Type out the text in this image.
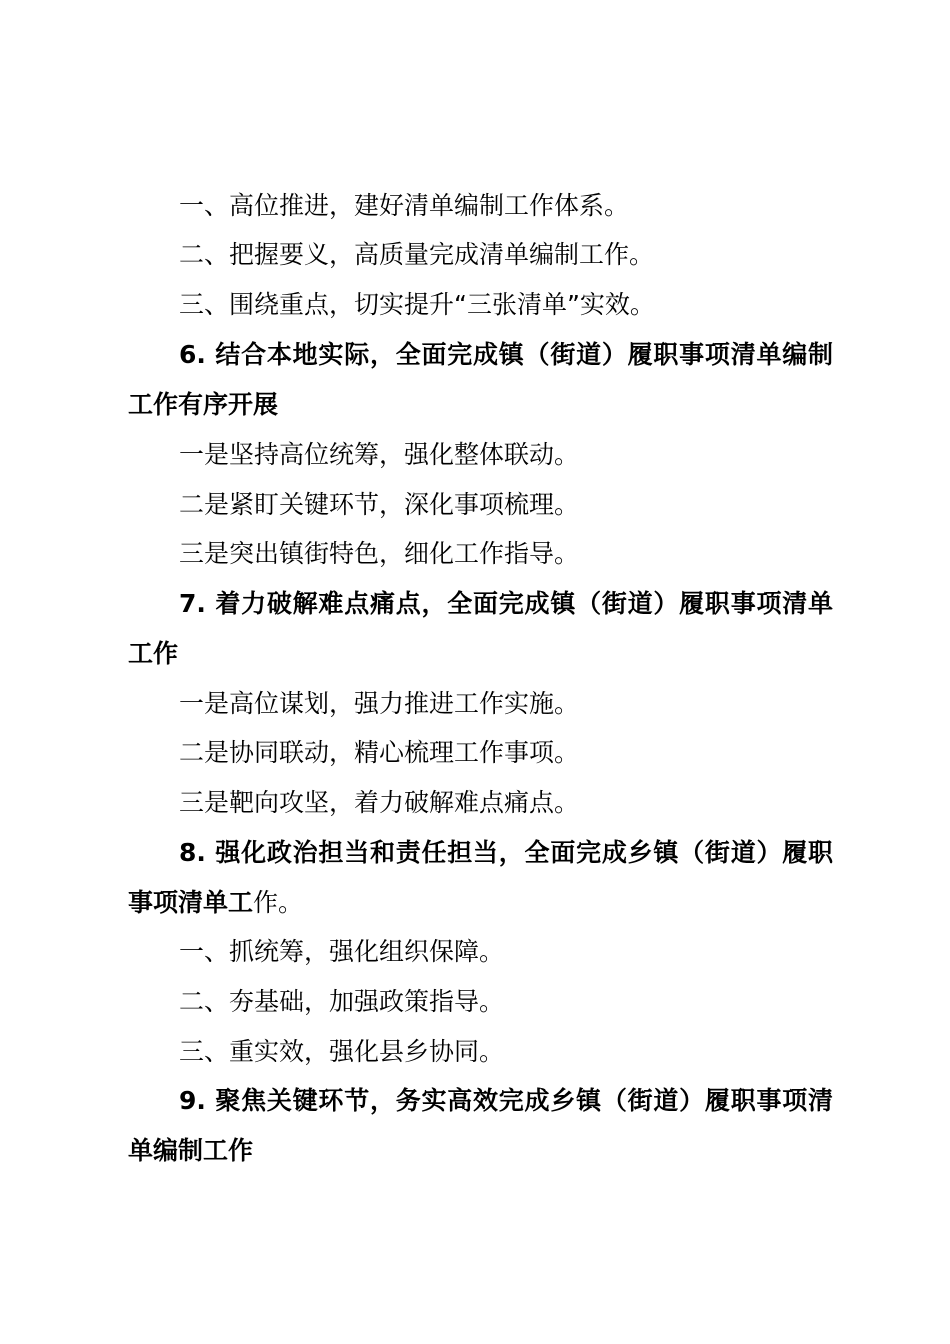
一、高位推进，建好清单编制工作体系。
二、把握要义，高质量完成清单编制工作。
三、围绕重点，切实提升“三张清单”实效。
6. 结合本地实际，全面完成镇（街道）履职事项清单编制工作有序开展
一是坚持高位统筹，强化整体联动。
二是紧盯关键环节，深化事项梳理。
三是突出镇街特色，细化工作指导。
7. 着力破解难点痛点，全面完成镇（街道）履职事项清单工作
一是高位谋划，强力推进工作实施。
二是协同联动，精心梳理工作事项。
三是靶向攻坚，着力破解难点痛点。
8. 强化政治担当和责任担当，全面完成乡镇（街道）履职事项清单工作。
一、抓统筹，强化组织保障。
二、夯基础，加强政策指导。
三、重实效，强化县乡协同。
9. 聚焦关键环节，务实高效完成乡镇（街道）履职事项清单编制工作
